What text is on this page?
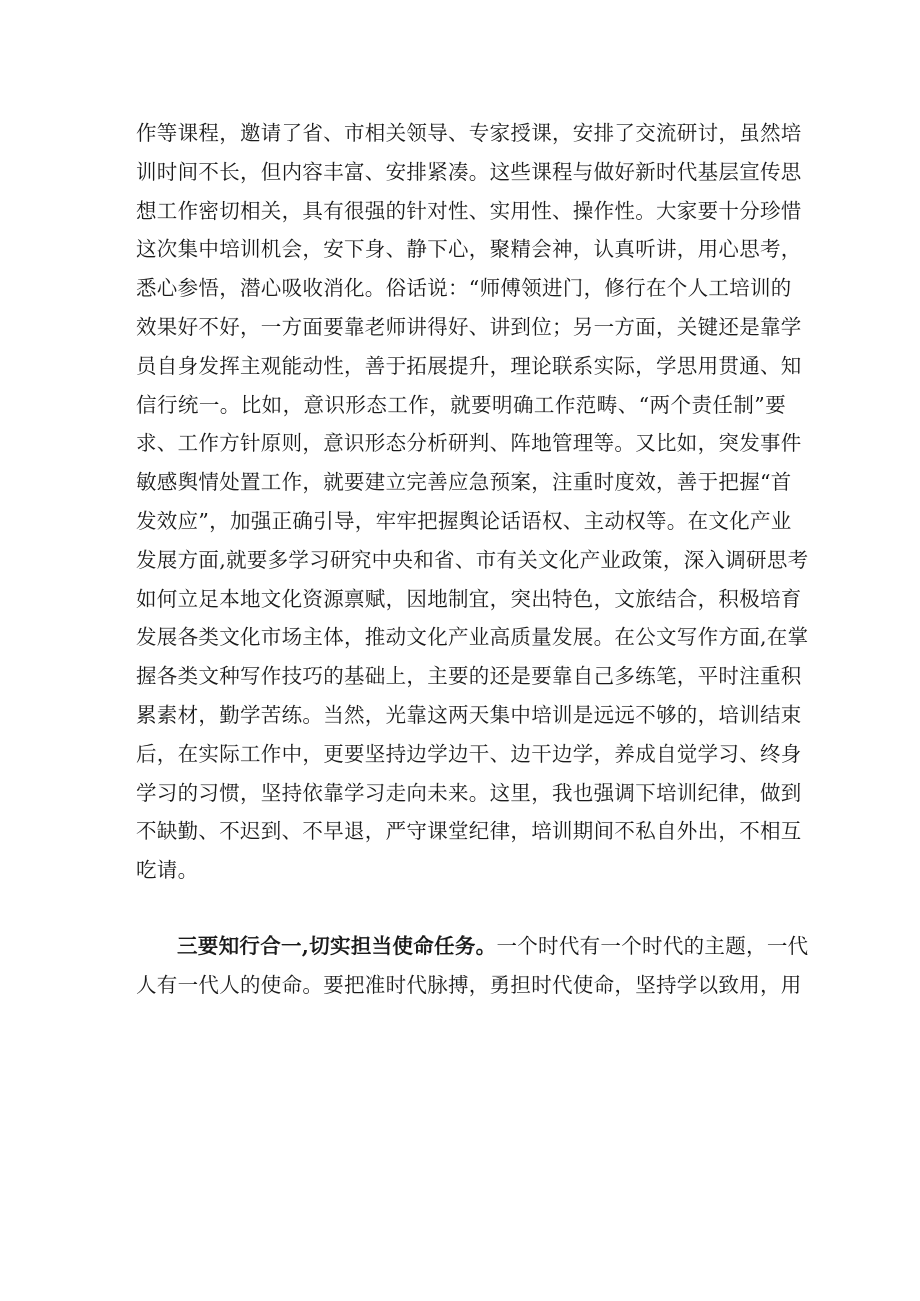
作等课程，邀请了省、市相关领导、专家授课，安排了交流研讨，虽然培
训时间不长，但内容丰富、安排紧凑。这些课程与做好新时代基层宣传思
想工作密切相关，具有很强的针对性、实用性、操作性。大家要十分珍惜
这次集中培训机会，安下身、静下心，聚精会神，认真听讲，用心思考，
悉心参悟，潜心吸收消化。俗话说：“师傅领进门，修行在个人工培训的
效果好不好，一方面要靠老师讲得好、讲到位；另一方面，关键还是靠学
员自身发挥主观能动性，善于拓展提升，理论联系实际，学思用贯通、知
信行统一。比如，意识形态工作，就要明确工作范畴、“两个责任制”要
求、工作方针原则，意识形态分析研判、阵地管理等。又比如，突发事件
敏感舆情处置工作，就要建立完善应急预案，注重时度效，善于把握“首
发效应”，加强正确引导，牢牢把握舆论话语权、主动权等。在文化产业
发展方面,就要多学习研究中央和省、市有关文化产业政策，深入调研思考
如何立足本地文化资源禀赋，因地制宜，突出特色，文旅结合，积极培育
发展各类文化市场主体，推动文化产业高质量发展。在公文写作方面,在掌
握各类文种写作技巧的基础上，主要的还是要靠自己多练笔，平时注重积
累素材，勤学苦练。当然，光靠这两天集中培训是远远不够的，培训结束
后，在实际工作中，更要坚持边学边干、边干边学，养成自觉学习、终身
学习的习惯，坚持依靠学习走向未来。这里，我也强调下培训纪律，做到
不缺勤、不迟到、不早退，严守课堂纪律，培训期间不私自外出，不相互
吃请。

三要知行合一,切实担当使命任务。一个时代有一个时代的主题，一代
人有一代人的使命。要把准时代脉搏，勇担时代使命，坚持学以致用，用
